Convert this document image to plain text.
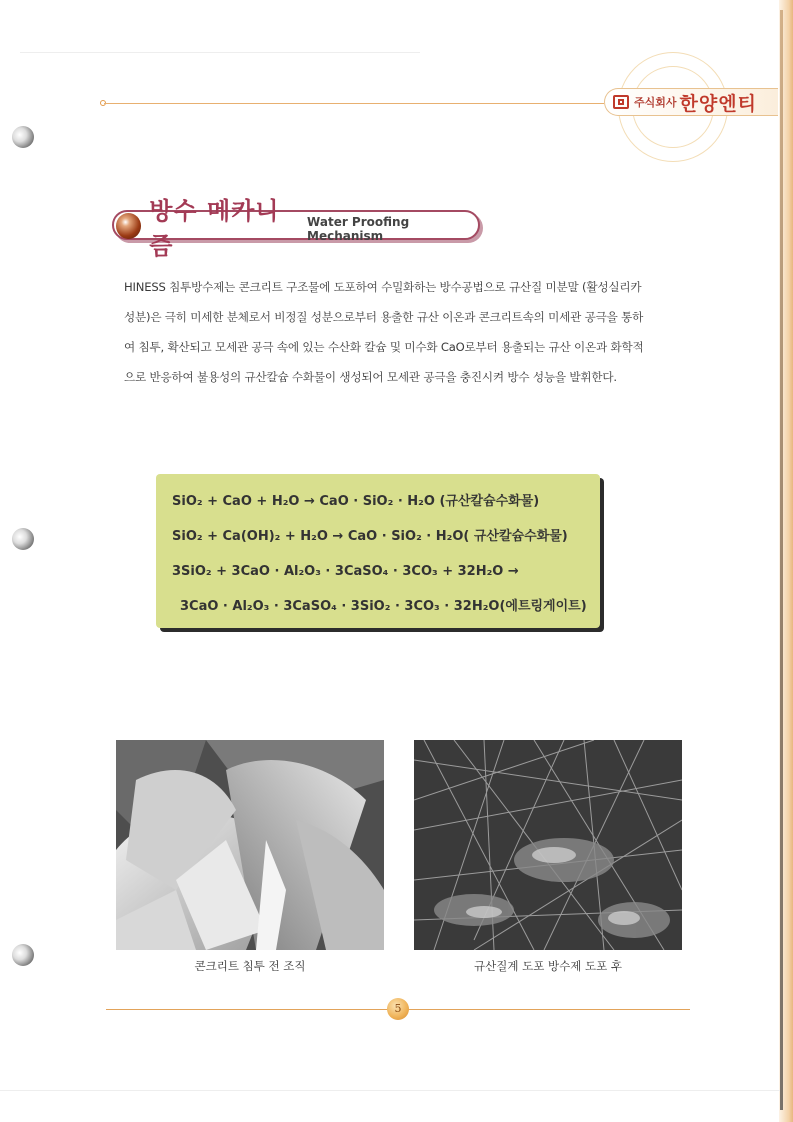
주식회사 한양엔티
방수 메카니즘
Water Proofing Mechanism
HINESS 침투방수제는 콘크리트 구조물에 도포하여 수밀화하는 방수공법으로 규산질 미분말 (활성실리카
성분)은 극히 미세한 분체로서 비정질 성분으로부터 용출한 규산 이온과 콘크리트속의 미세관 공극을 통하
여 침투, 확산되고 모세관 공극 속에 있는 수산화 칼슘 및 미수화 CaO로부터 용출되는 규산 이온과 화학적
으로 반응하여 불용성의 규산칼슘 수화물이 생성되어 모세관 공극을 충진시켜 방수 성능을 발휘한다.
SiO₂ + CaO + H₂O → CaO · SiO₂ · H₂O (규산칼슘수화물)
SiO₂ + Ca(OH)₂ + H₂O → CaO · SiO₂ · H₂O( 규산칼슘수화물)
3SiO₂ + 3CaO · Al₂O₃ · 3CaSO₄ · 3CO₃ + 32H₂O →
3CaO · Al₂O₃ · 3CaSO₄ · 3SiO₂ · 3CO₃ · 32H₂O(에트링게이트)
콘크리트 침투 전 조직	규산질계 도포 방수제 도포 후
5
